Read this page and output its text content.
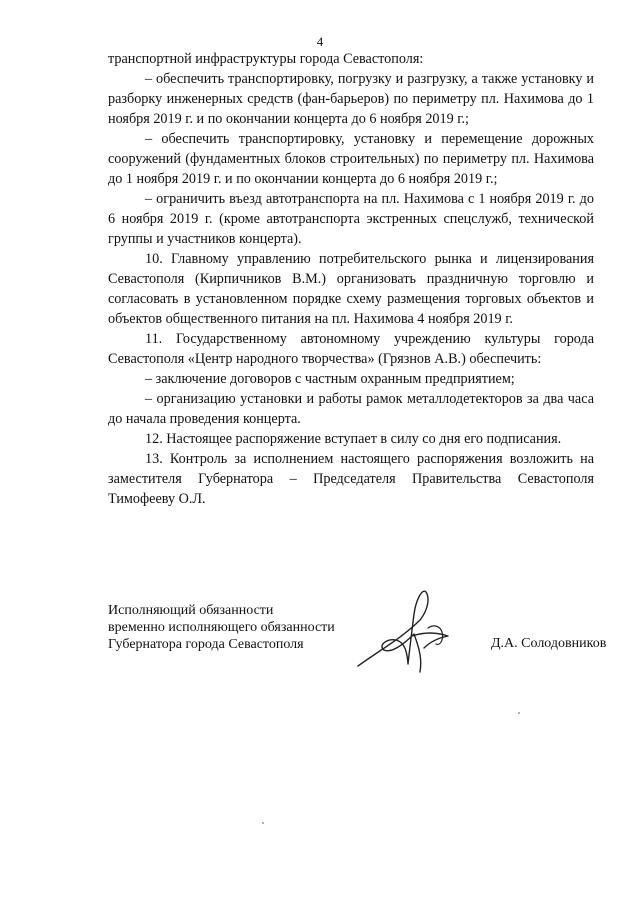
4

транспортной инфраструктуры города Севастополя:

– обеспечить транспортировку, погрузку и разгрузку, а также установку и разборку инженерных средств (фан-барьеров) по периметру пл. Нахимова до 1 ноября 2019 г. и по окончании концерта до 6 ноября 2019 г.;

– обеспечить транспортировку, установку и перемещение дорожных сооружений (фундаментных блоков строительных) по периметру пл. Нахимова до 1 ноября 2019 г. и по окончании концерта до 6 ноября 2019 г.;

– ограничить въезд автотранспорта на пл. Нахимова с 1 ноября 2019 г. до 6 ноября 2019 г. (кроме автотранспорта экстренных спецслужб, технической группы и участников концерта).

10. Главному управлению потребительского рынка и лицензирования Севастополя (Кирпичников В.М.) организовать праздничную торговлю и согласовать в установленном порядке схему размещения торговых объектов и объектов общественного питания на пл. Нахимова 4 ноября 2019 г.

11. Государственному автономному учреждению культуры города Севастополя «Центр народного творчества» (Грязнов А.В.) обеспечить:

– заключение договоров с частным охранным предприятием;

– организацию установки и работы рамок металлодетекторов за два часа до начала проведения концерта.

12. Настоящее распоряжение вступает в силу со дня его подписания.

13. Контроль за исполнением настоящего распоряжения возложить на заместителя Губернатора – Председателя Правительства Севастополя Тимофееву О.Л.

Исполняющий обязанности
временно исполняющего обязанности
Губернатора города Севастополя	Д.А. Солодовников
